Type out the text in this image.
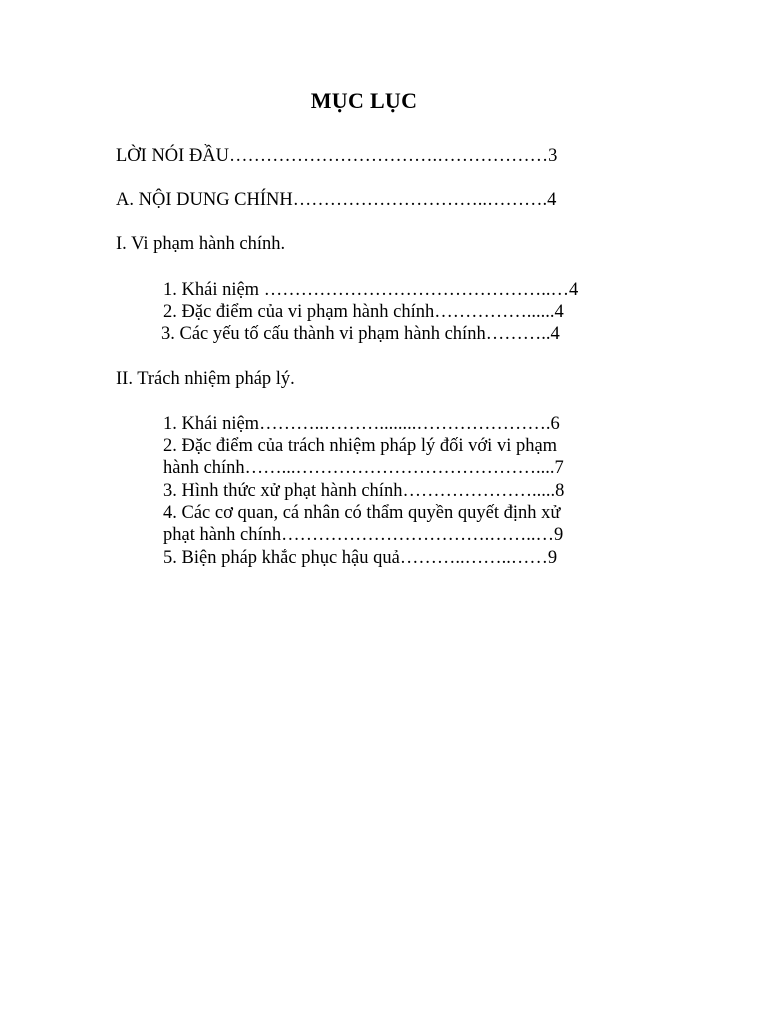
MỤC LỤC
LỜI NÓI ĐẦU…………………………….………………3
A. NỘI DUNG CHÍNH…………………………..……….4
I. Vi phạm hành chính.
1. Khái niệm ………………………………………..…4
2. Đặc điểm của vi phạm hành chính……………......4
3. Các yếu tố cấu thành vi phạm hành chính………..4
II. Trách nhiệm pháp lý.
1. Khái niệm………..………........………………….6
2. Đặc điểm của trách nhiệm pháp lý đối với vi phạm
hành chính……...…………………………………....7
3. Hình thức xử phạt hành chính………………….....8
4. Các cơ quan, cá nhân có thẩm quyền quyết định xử
phạt hành chính…………………………….……..…9
5. Biện pháp khắc phục hậu quả………..……..……9
